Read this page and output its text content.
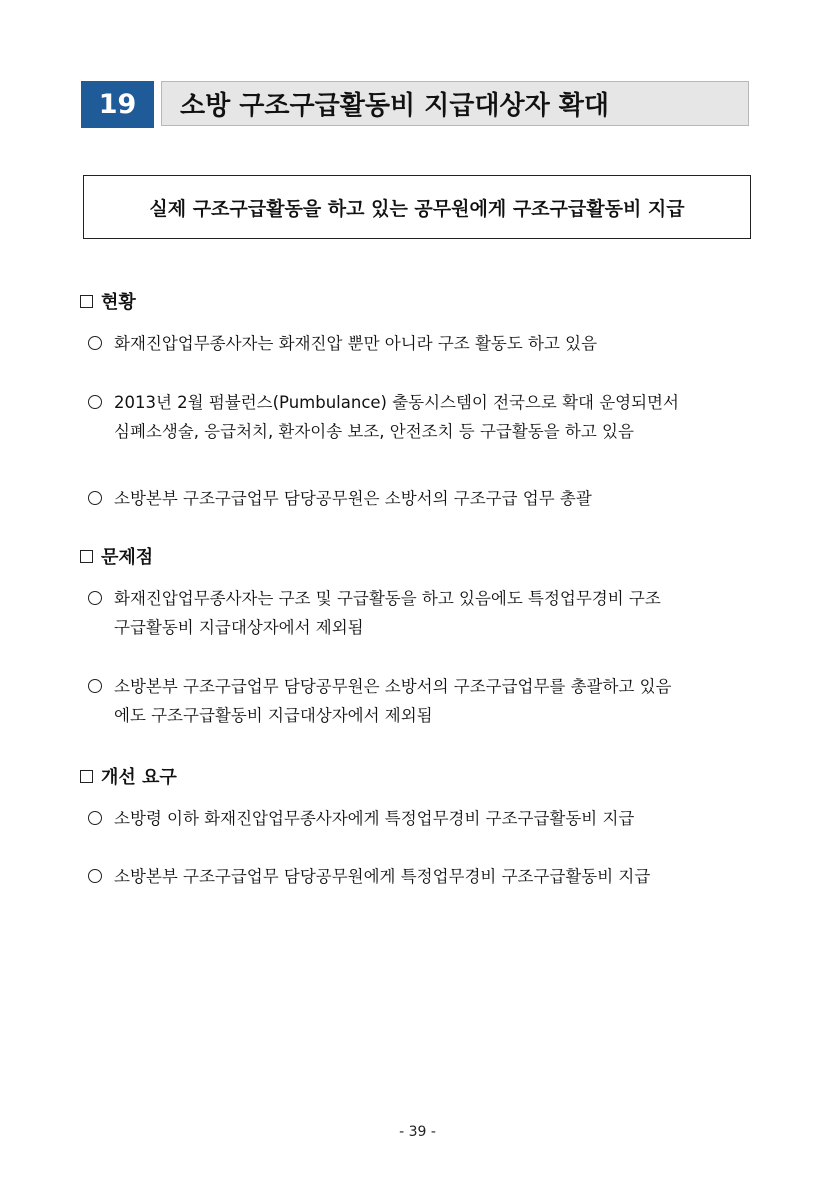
19	소방 구조구급활동비 지급대상자 확대
실제 구조구급활동을 하고 있는 공무원에게 구조구급활동비 지급
현황
화재진압업무종사자는 화재진압 뿐만 아니라 구조 활동도 하고 있음
2013년 2월 펌뷸런스(Pumbulance) 출동시스템이 전국으로 확대 운영되면서
심폐소생술, 응급처치, 환자이송 보조, 안전조치 등 구급활동을 하고 있음
소방본부 구조구급업무 담당공무원은 소방서의 구조구급 업무 총괄
문제점
화재진압업무종사자는 구조 및 구급활동을 하고 있음에도 특정업무경비 구조
구급활동비 지급대상자에서 제외됨
소방본부 구조구급업무 담당공무원은 소방서의 구조구급업무를 총괄하고 있음
에도 구조구급활동비 지급대상자에서 제외됨
개선 요구
소방령 이하 화재진압업무종사자에게 특정업무경비 구조구급활동비 지급
소방본부 구조구급업무 담당공무원에게 특정업무경비 구조구급활동비 지급
- 39 -
